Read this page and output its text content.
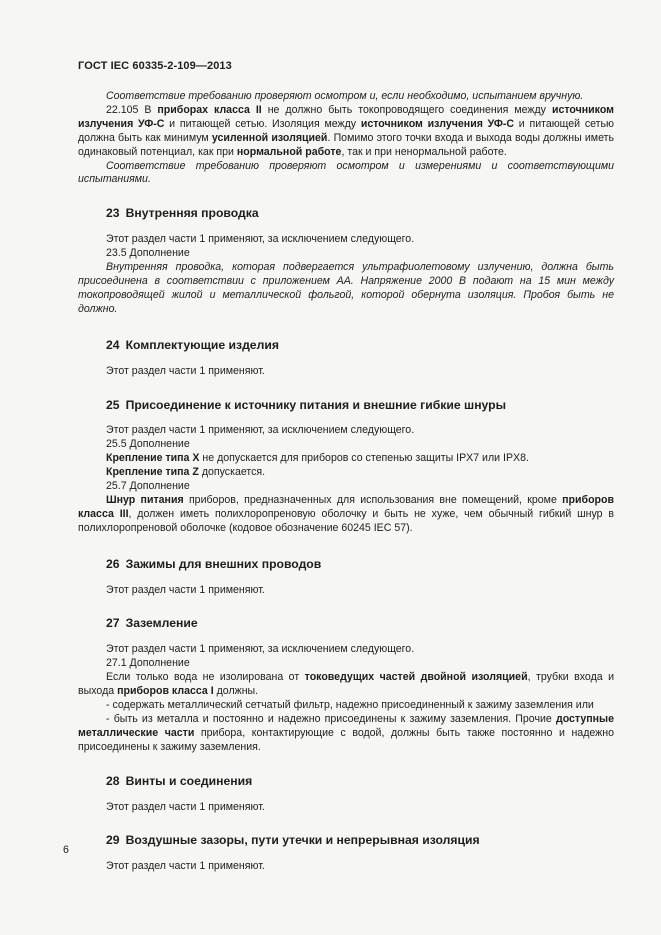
ГОСТ IEC 60335-2-109—2013

Соответствие требованию проверяют осмотром и, если необходимо, испытанием вручную.

22.105 В приборах класса II не должно быть токопроводящего соединения между источником излучения УФ-С и питающей сетью. Изоляция между источником излучения УФ-С и питающей сетью должна быть как минимум усиленной изоляцией. Помимо этого точки входа и выхода воды должны иметь одинаковый потенциал, как при нормальной работе, так и при ненормальной работе.

Соответствие требованию проверяют осмотром и измерениями и соответствующими испытаниями.

23 Внутренняя проводка

Этот раздел части 1 применяют, за исключением следующего.

23.5 Дополнение

Внутренняя проводка, которая подвергается ультрафиолетовому излучению, должна быть присоединена в соответствии с приложением АА. Напряжение 2000 В подают на 15 мин между токопроводящей жилой и металлической фольгой, которой обернута изоляция. Пробоя быть не должно.

24 Комплектующие изделия

Этот раздел части 1 применяют.

25 Присоединение к источнику питания и внешние гибкие шнуры

Этот раздел части 1 применяют, за исключением следующего.

25.5 Дополнение

Крепление типа X не допускается для приборов со степенью защиты IPX7 или IPX8.

Крепление типа Z допускается.

25.7 Дополнение

Шнур питания приборов, предназначенных для использования вне помещений, кроме приборов класса III, должен иметь полихлоропреновую оболочку и быть не хуже, чем обычный гибкий шнур в полихлоропреновой оболочке (кодовое обозначение 60245 IEC 57).

26 Зажимы для внешних проводов

Этот раздел части 1 применяют.

27 Заземление

Этот раздел части 1 применяют, за исключением следующего.

27.1 Дополнение

Если только вода не изолирована от токоведущих частей двойной изоляцией, трубки входа и выхода приборов класса I должны.

- содержать металлический сетчатый фильтр, надежно присоединенный к зажиму заземления или

- быть из металла и постоянно и надежно присоединены к зажиму заземления. Прочие доступные металлические части прибора, контактирующие с водой, должны быть также постоянно и надежно присоединены к зажиму заземления.

28 Винты и соединения

Этот раздел части 1 применяют.

29 Воздушные зазоры, пути утечки и непрерывная изоляция

Этот раздел части 1 применяют.

6
